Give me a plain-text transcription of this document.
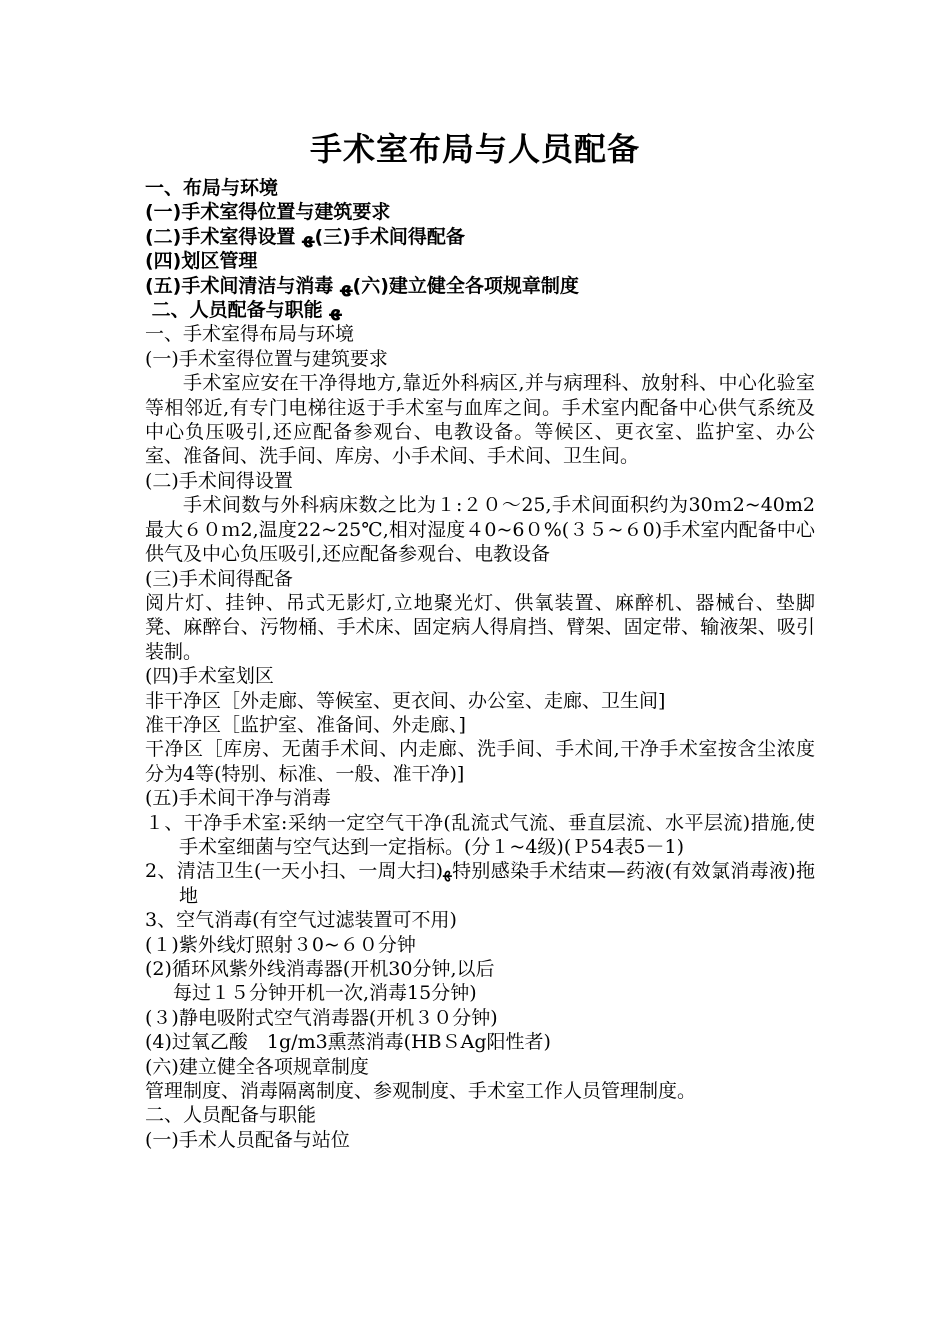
手术室布局与人员配备
一、布局与环境
(一)手术室得位置与建筑要求
(二)手术室得设置 ﻬ(三)手术间得配备
(四)划区管理
(五)手术间清洁与消毒 ﻬ(六)建立健全各项规章制度
二、人员配备与职能 ﻬ
一、手术室得布局与环境
(一)手术室得位置与建筑要求
手术室应安在干净得地方,靠近外科病区,并与病理科、放射科、中心化验室等相邻近,有专门电梯往返于手术室与血库之间。手术室内配备中心供气系统及中心负压吸引,还应配备参观台、电教设备。等候区、更衣室、监护室、办公室、准备间、洗手间、库房、小手术间、手术间、卫生间。
(二)手术间得设置
手术间数与外科病床数之比为１:２０～25,手术间面积约为30ｍ2~40m2最大６０ｍ2,温度22~25℃,相对湿度４0~6０%(３５~６0)手术室内配备中心供气及中心负压吸引,还应配备参观台、电教设备
(三)手术间得配备
阅片灯、挂钟、吊式无影灯,立地聚光灯、供氧装置、麻醉机、器械台、垫脚凳、麻醉台、污物桶、手术床、固定病人得肩挡、臂架、固定带、输液架、吸引装制。
(四)手术室划区
非干净区［外走廊、等候室、更衣间、办公室、走廊、卫生间]
准干净区［监护室、准备间、外走廊、]
干净区［库房、无菌手术间、内走廊、洗手间、手术间,干净手术室按含尘浓度分为4等(特别、标准、一般、准干净)]
(五)手术间干净与消毒
１、干净手术室:采纳一定空气干净(乱流式气流、垂直层流、水平层流)措施,使手术室细菌与空气达到一定指标。(分１~4级)(Ｐ54表5－1)
2、清洁卫生(一天小扫、一周大扫)ﻬ特别感染手术结束—药液(有效氯消毒液)拖地
3、空气消毒(有空气过滤装置可不用)
(１)紫外线灯照射３0~６０分钟
(2)循环风紫外线消毒器(开机30分钟,以后
每过１５分钟开机一次,消毒15分钟)
(３)静电吸附式空气消毒器(开机３０分钟)
(4)过氧乙酸　1g/m3熏蒸消毒(HBＳAg阳性者)
(六)建立健全各项规章制度
管理制度、消毒隔离制度、参观制度、手术室工作人员管理制度。
二、人员配备与职能
(一)手术人员配备与站位
